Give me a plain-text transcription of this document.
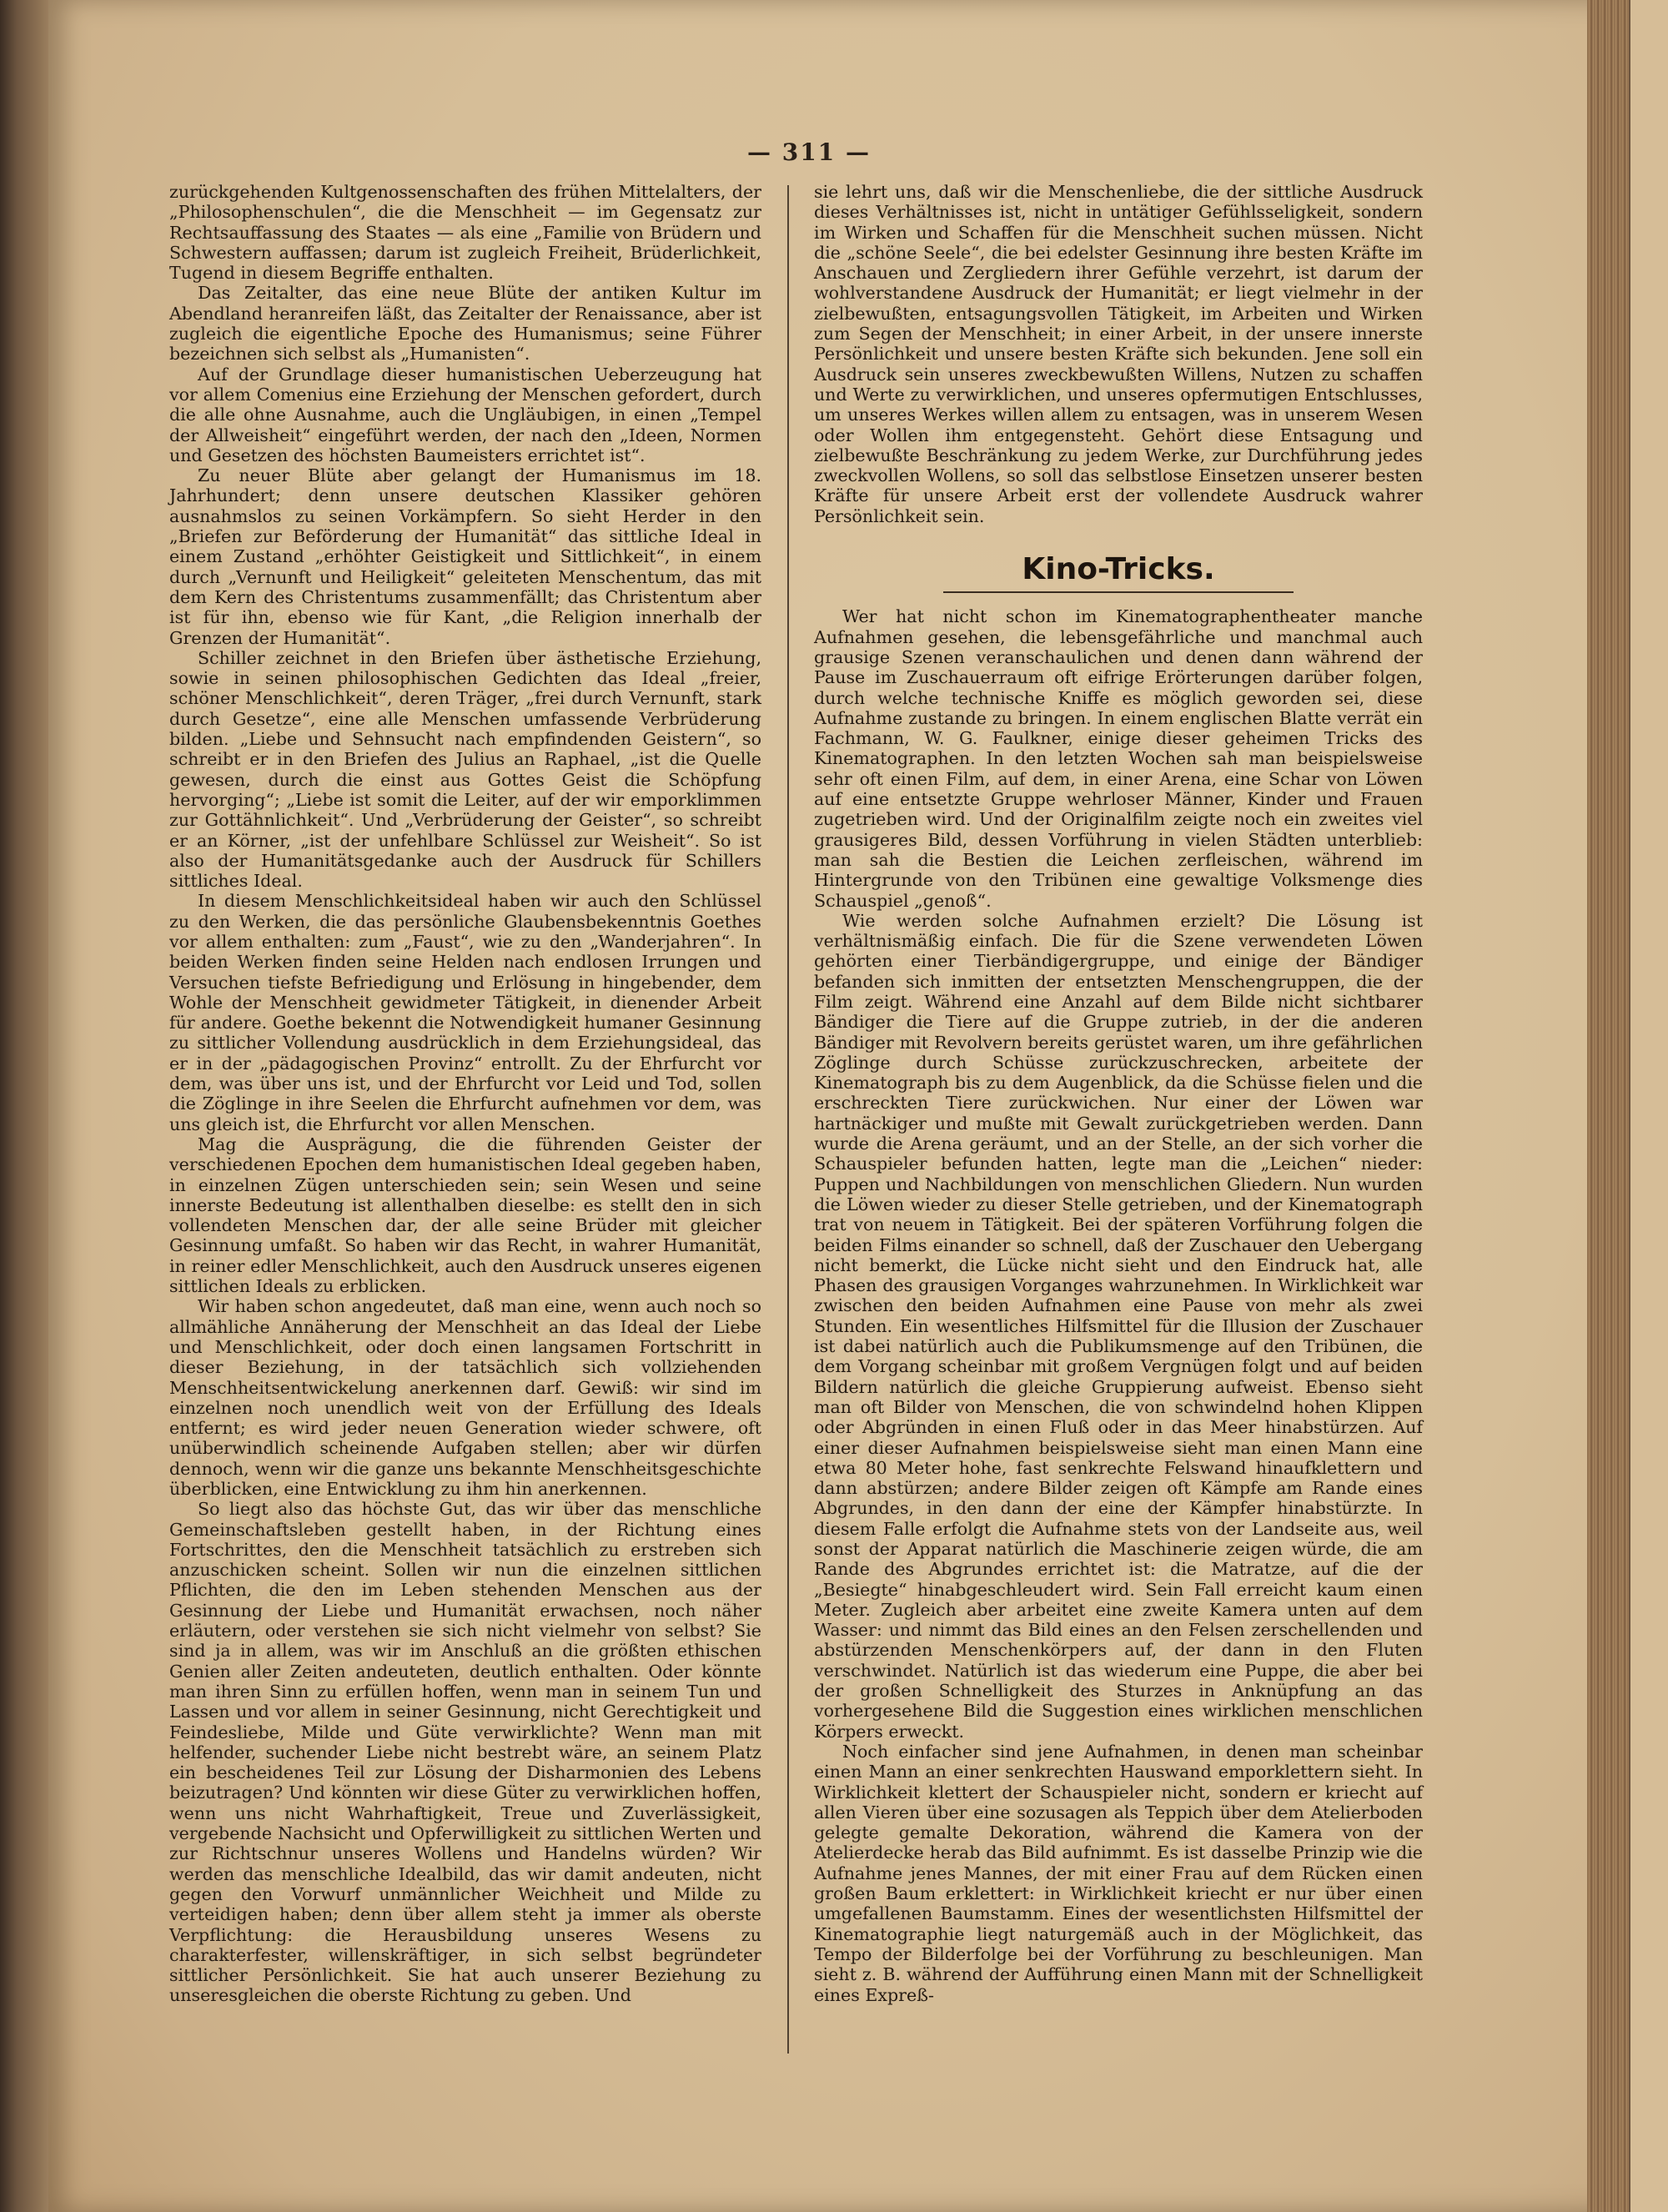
— 311 —

zurückgehenden Kultgenossenschaften des frühen Mittelalters, der „Philosophenschulen“, die die Menschheit — im Gegensatz zur Rechtsauffassung des Staates — als eine „Familie von Brüdern und Schwestern auffassen; darum ist zugleich Freiheit, Brüderlichkeit, Tugend in diesem Begriffe enthalten.

Das Zeitalter, das eine neue Blüte der antiken Kultur im Abendland heranreifen läßt, das Zeitalter der Renaissance, aber ist zugleich die eigentliche Epoche des Humanismus; seine Führer bezeichnen sich selbst als „Humanisten“.

Auf der Grundlage dieser humanistischen Ueberzeugung hat vor allem Comenius eine Erziehung der Menschen gefordert, durch die alle ohne Ausnahme, auch die Ungläubigen, in einen „Tempel der Allweisheit“ eingeführt werden, der nach den „Ideen, Normen und Gesetzen des höchsten Baumeisters errichtet ist“.

Zu neuer Blüte aber gelangt der Humanismus im 18. Jahrhundert; denn unsere deutschen Klassiker gehören ausnahmslos zu seinen Vorkämpfern. So sieht Herder in den „Briefen zur Beförderung der Humanität“ das sittliche Ideal in einem Zustand „erhöhter Geistigkeit und Sittlichkeit“, in einem durch „Vernunft und Heiligkeit“ geleiteten Menschentum, das mit dem Kern des Christentums zusammenfällt; das Christentum aber ist für ihn, ebenso wie für Kant, „die Religion innerhalb der Grenzen der Humanität“.

Schiller zeichnet in den Briefen über ästhetische Erziehung, sowie in seinen philosophischen Gedichten das Ideal „freier, schöner Menschlichkeit“, deren Träger, „frei durch Vernunft, stark durch Gesetze“, eine alle Menschen umfassende Verbrüderung bilden. „Liebe und Sehnsucht nach empfindenden Geistern“, so schreibt er in den Briefen des Julius an Raphael, „ist die Quelle gewesen, durch die einst aus Gottes Geist die Schöpfung hervorging“; „Liebe ist somit die Leiter, auf der wir emporklimmen zur Gottähnlichkeit“. Und „Verbrüderung der Geister“, so schreibt er an Körner, „ist der unfehlbare Schlüssel zur Weisheit“. So ist also der Humanitätsgedanke auch der Ausdruck für Schillers sittliches Ideal.

In diesem Menschlichkeitsideal haben wir auch den Schlüssel zu den Werken, die das persönliche Glaubensbekenntnis Goethes vor allem enthalten: zum „Faust“, wie zu den „Wanderjahren“. In beiden Werken finden seine Helden nach endlosen Irrungen und Versuchen tiefste Befriedigung und Erlösung in hingebender, dem Wohle der Menschheit gewidmeter Tätigkeit, in dienender Arbeit für andere. Goethe bekennt die Notwendigkeit humaner Gesinnung zu sittlicher Vollendung ausdrücklich in dem Erziehungsideal, das er in der „pädagogischen Provinz“ entrollt. Zu der Ehrfurcht vor dem, was über uns ist, und der Ehrfurcht vor Leid und Tod, sollen die Zöglinge in ihre Seelen die Ehrfurcht aufnehmen vor dem, was uns gleich ist, die Ehrfurcht vor allen Menschen.

Mag die Ausprägung, die die führenden Geister der verschiedenen Epochen dem humanistischen Ideal gegeben haben, in einzelnen Zügen unterschieden sein; sein Wesen und seine innerste Bedeutung ist allenthalben dieselbe: es stellt den in sich vollendeten Menschen dar, der alle seine Brüder mit gleicher Gesinnung umfaßt. So haben wir das Recht, in wahrer Humanität, in reiner edler Menschlichkeit, auch den Ausdruck unseres eigenen sittlichen Ideals zu erblicken.

Wir haben schon angedeutet, daß man eine, wenn auch noch so allmähliche Annäherung der Menschheit an das Ideal der Liebe und Menschlichkeit, oder doch einen langsamen Fortschritt in dieser Beziehung, in der tatsächlich sich vollziehenden Menschheitsentwickelung anerkennen darf. Gewiß: wir sind im einzelnen noch unendlich weit von der Erfüllung des Ideals entfernt; es wird jeder neuen Generation wieder schwere, oft unüberwindlich scheinende Aufgaben stellen; aber wir dürfen dennoch, wenn wir die ganze uns bekannte Menschheitsgeschichte überblicken, eine Entwicklung zu ihm hin anerkennen.

So liegt also das höchste Gut, das wir über das menschliche Gemeinschaftsleben gestellt haben, in der Richtung eines Fortschrittes, den die Menschheit tatsächlich zu erstreben sich anzuschicken scheint. Sollen wir nun die einzelnen sittlichen Pflichten, die den im Leben stehenden Menschen aus der Gesinnung der Liebe und Humanität erwachsen, noch näher erläutern, oder verstehen sie sich nicht vielmehr von selbst? Sie sind ja in allem, was wir im Anschluß an die größten ethischen Genien aller Zeiten andeuteten, deutlich enthalten. Oder könnte man ihren Sinn zu erfüllen hoffen, wenn man in seinem Tun und Lassen und vor allem in seiner Gesinnung, nicht Gerechtigkeit und Feindesliebe, Milde und Güte verwirklichte? Wenn man mit helfender, suchender Liebe nicht bestrebt wäre, an seinem Platz ein bescheidenes Teil zur Lösung der Disharmonien des Lebens beizutragen? Und könnten wir diese Güter zu verwirklichen hoffen, wenn uns nicht Wahrhaftigkeit, Treue und Zuverlässigkeit, vergebende Nachsicht und Opferwilligkeit zu sittlichen Werten und zur Richtschnur unseres Wollens und Handelns würden? Wir werden das menschliche Idealbild, das wir damit andeuten, nicht gegen den Vorwurf unmännlicher Weichheit und Milde zu verteidigen haben; denn über allem steht ja immer als oberste Verpflichtung: die Herausbildung unseres Wesens zu charakterfester, willenskräftiger, in sich selbst begründeter sittlicher Persönlichkeit. Sie hat auch unserer Beziehung zu unseresgleichen die oberste Richtung zu geben. Und

sie lehrt uns, daß wir die Menschenliebe, die der sittliche Ausdruck dieses Verhältnisses ist, nicht in untätiger Gefühlsseligkeit, sondern im Wirken und Schaffen für die Menschheit suchen müssen. Nicht die „schöne Seele“, die bei edelster Gesinnung ihre besten Kräfte im Anschauen und Zergliedern ihrer Gefühle verzehrt, ist darum der wohlverstandene Ausdruck der Humanität; er liegt vielmehr in der zielbewußten, entsagungsvollen Tätigkeit, im Arbeiten und Wirken zum Segen der Menschheit; in einer Arbeit, in der unsere innerste Persönlichkeit und unsere besten Kräfte sich bekunden. Jene soll ein Ausdruck sein unseres zweckbewußten Willens, Nutzen zu schaffen und Werte zu verwirklichen, und unseres opfermutigen Entschlusses, um unseres Werkes willen allem zu entsagen, was in unserem Wesen oder Wollen ihm entgegensteht. Gehört diese Entsagung und zielbewußte Beschränkung zu jedem Werke, zur Durchführung jedes zweckvollen Wollens, so soll das selbstlose Einsetzen unserer besten Kräfte für unsere Arbeit erst der vollendete Ausdruck wahrer Persönlichkeit sein.

Kino-Tricks.

Wer hat nicht schon im Kinematographentheater manche Aufnahmen gesehen, die lebensgefährliche und manchmal auch grausige Szenen veranschaulichen und denen dann während der Pause im Zuschauerraum oft eifrige Erörterungen darüber folgen, durch welche technische Kniffe es möglich geworden sei, diese Aufnahme zustande zu bringen. In einem englischen Blatte verrät ein Fachmann, W. G. Faulkner, einige dieser geheimen Tricks des Kinematographen. In den letzten Wochen sah man beispielsweise sehr oft einen Film, auf dem, in einer Arena, eine Schar von Löwen auf eine entsetzte Gruppe wehrloser Männer, Kinder und Frauen zugetrieben wird. Und der Originalfilm zeigte noch ein zweites viel grausigeres Bild, dessen Vorführung in vielen Städten unterblieb: man sah die Bestien die Leichen zerfleischen, während im Hintergrunde von den Tribünen eine gewaltige Volksmenge dies Schauspiel „genoß“.

Wie werden solche Aufnahmen erzielt? Die Lösung ist verhältnismäßig einfach. Die für die Szene verwendeten Löwen gehörten einer Tierbändigergruppe, und einige der Bändiger befanden sich inmitten der entsetzten Menschengruppen, die der Film zeigt. Während eine Anzahl auf dem Bilde nicht sichtbarer Bändiger die Tiere auf die Gruppe zutrieb, in der die anderen Bändiger mit Revolvern bereits gerüstet waren, um ihre gefährlichen Zöglinge durch Schüsse zurückzuschrecken, arbeitete der Kinematograph bis zu dem Augenblick, da die Schüsse fielen und die erschreckten Tiere zurückwichen. Nur einer der Löwen war hartnäckiger und mußte mit Gewalt zurückgetrieben werden. Dann wurde die Arena geräumt, und an der Stelle, an der sich vorher die Schauspieler befunden hatten, legte man die „Leichen“ nieder: Puppen und Nachbildungen von menschlichen Gliedern. Nun wurden die Löwen wieder zu dieser Stelle getrieben, und der Kinematograph trat von neuem in Tätigkeit. Bei der späteren Vorführung folgen die beiden Films einander so schnell, daß der Zuschauer den Uebergang nicht bemerkt, die Lücke nicht sieht und den Eindruck hat, alle Phasen des grausigen Vorganges wahrzunehmen. In Wirklichkeit war zwischen den beiden Aufnahmen eine Pause von mehr als zwei Stunden. Ein wesentliches Hilfsmittel für die Illusion der Zuschauer ist dabei natürlich auch die Publikumsmenge auf den Tribünen, die dem Vorgang scheinbar mit großem Vergnügen folgt und auf beiden Bildern natürlich die gleiche Gruppierung aufweist. Ebenso sieht man oft Bilder von Menschen, die von schwindelnd hohen Klippen oder Abgründen in einen Fluß oder in das Meer hinabstürzen. Auf einer dieser Aufnahmen beispielsweise sieht man einen Mann eine etwa 80 Meter hohe, fast senkrechte Felswand hinaufklettern und dann abstürzen; andere Bilder zeigen oft Kämpfe am Rande eines Abgrundes, in den dann der eine der Kämpfer hinabstürzte. In diesem Falle erfolgt die Aufnahme stets von der Landseite aus, weil sonst der Apparat natürlich die Maschinerie zeigen würde, die am Rande des Abgrundes errichtet ist: die Matratze, auf die der „Besiegte“ hinabgeschleudert wird. Sein Fall erreicht kaum einen Meter. Zugleich aber arbeitet eine zweite Kamera unten auf dem Wasser: und nimmt das Bild eines an den Felsen zerschellenden und abstürzenden Menschenkörpers auf, der dann in den Fluten verschwindet. Natürlich ist das wiederum eine Puppe, die aber bei der großen Schnelligkeit des Sturzes in Anknüpfung an das vorhergesehene Bild die Suggestion eines wirklichen menschlichen Körpers erweckt.

Noch einfacher sind jene Aufnahmen, in denen man scheinbar einen Mann an einer senkrechten Hauswand emporklettern sieht. In Wirklichkeit klettert der Schauspieler nicht, sondern er kriecht auf allen Vieren über eine sozusagen als Teppich über dem Atelierboden gelegte gemalte Dekoration, während die Kamera von der Atelierdecke herab das Bild aufnimmt. Es ist dasselbe Prinzip wie die Aufnahme jenes Mannes, der mit einer Frau auf dem Rücken einen großen Baum erklettert: in Wirklichkeit kriecht er nur über einen umgefallenen Baumstamm. Eines der wesentlichsten Hilfsmittel der Kinematographie liegt naturgemäß auch in der Möglichkeit, das Tempo der Bilderfolge bei der Vorführung zu beschleunigen. Man sieht z. B. während der Aufführung einen Mann mit der Schnelligkeit eines Expreß-
